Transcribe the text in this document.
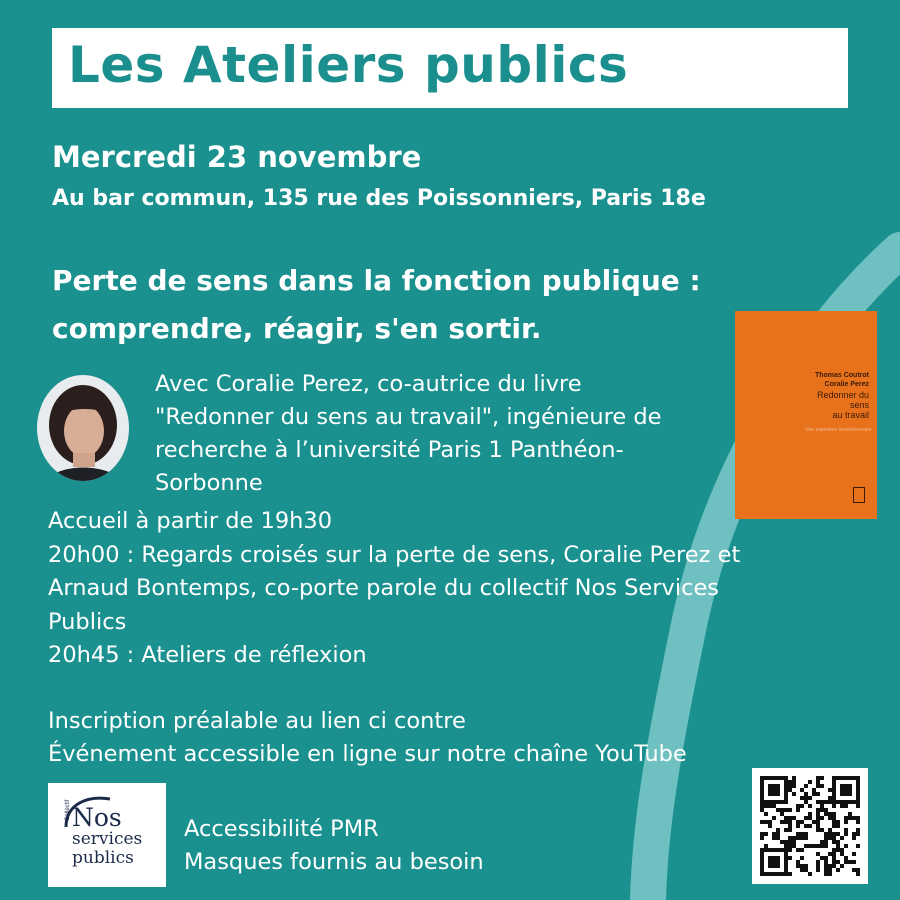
Les Ateliers publics
Mercredi 23 novembre
Au bar commun, 135 rue des Poissonniers, Paris 18e
Perte de sens dans la fonction publique :
comprendre, réagir, s'en sortir.
Avec Coralie Perez, co-autrice du livre
"Redonner du sens au travail", ingénieure de
recherche à l’université Paris 1 Panthéon-
Sorbonne
Thomas Coutrot
Coralie Perez
Redonner du sens
au travail
Une aspiration révolutionnaire
Accueil à partir de 19h30
20h00 : Regards croisés sur la perte de sens, Coralie Perez et
Arnaud Bontemps, co-porte parole du collectif Nos Services
Publics
20h45 : Ateliers de réflexion
Inscription préalable au lien ci contre
Événement accessible en ligne sur notre chaîne YouTube
Collectif Nos
services
publics
Accessibilité PMR
Masques fournis au besoin
